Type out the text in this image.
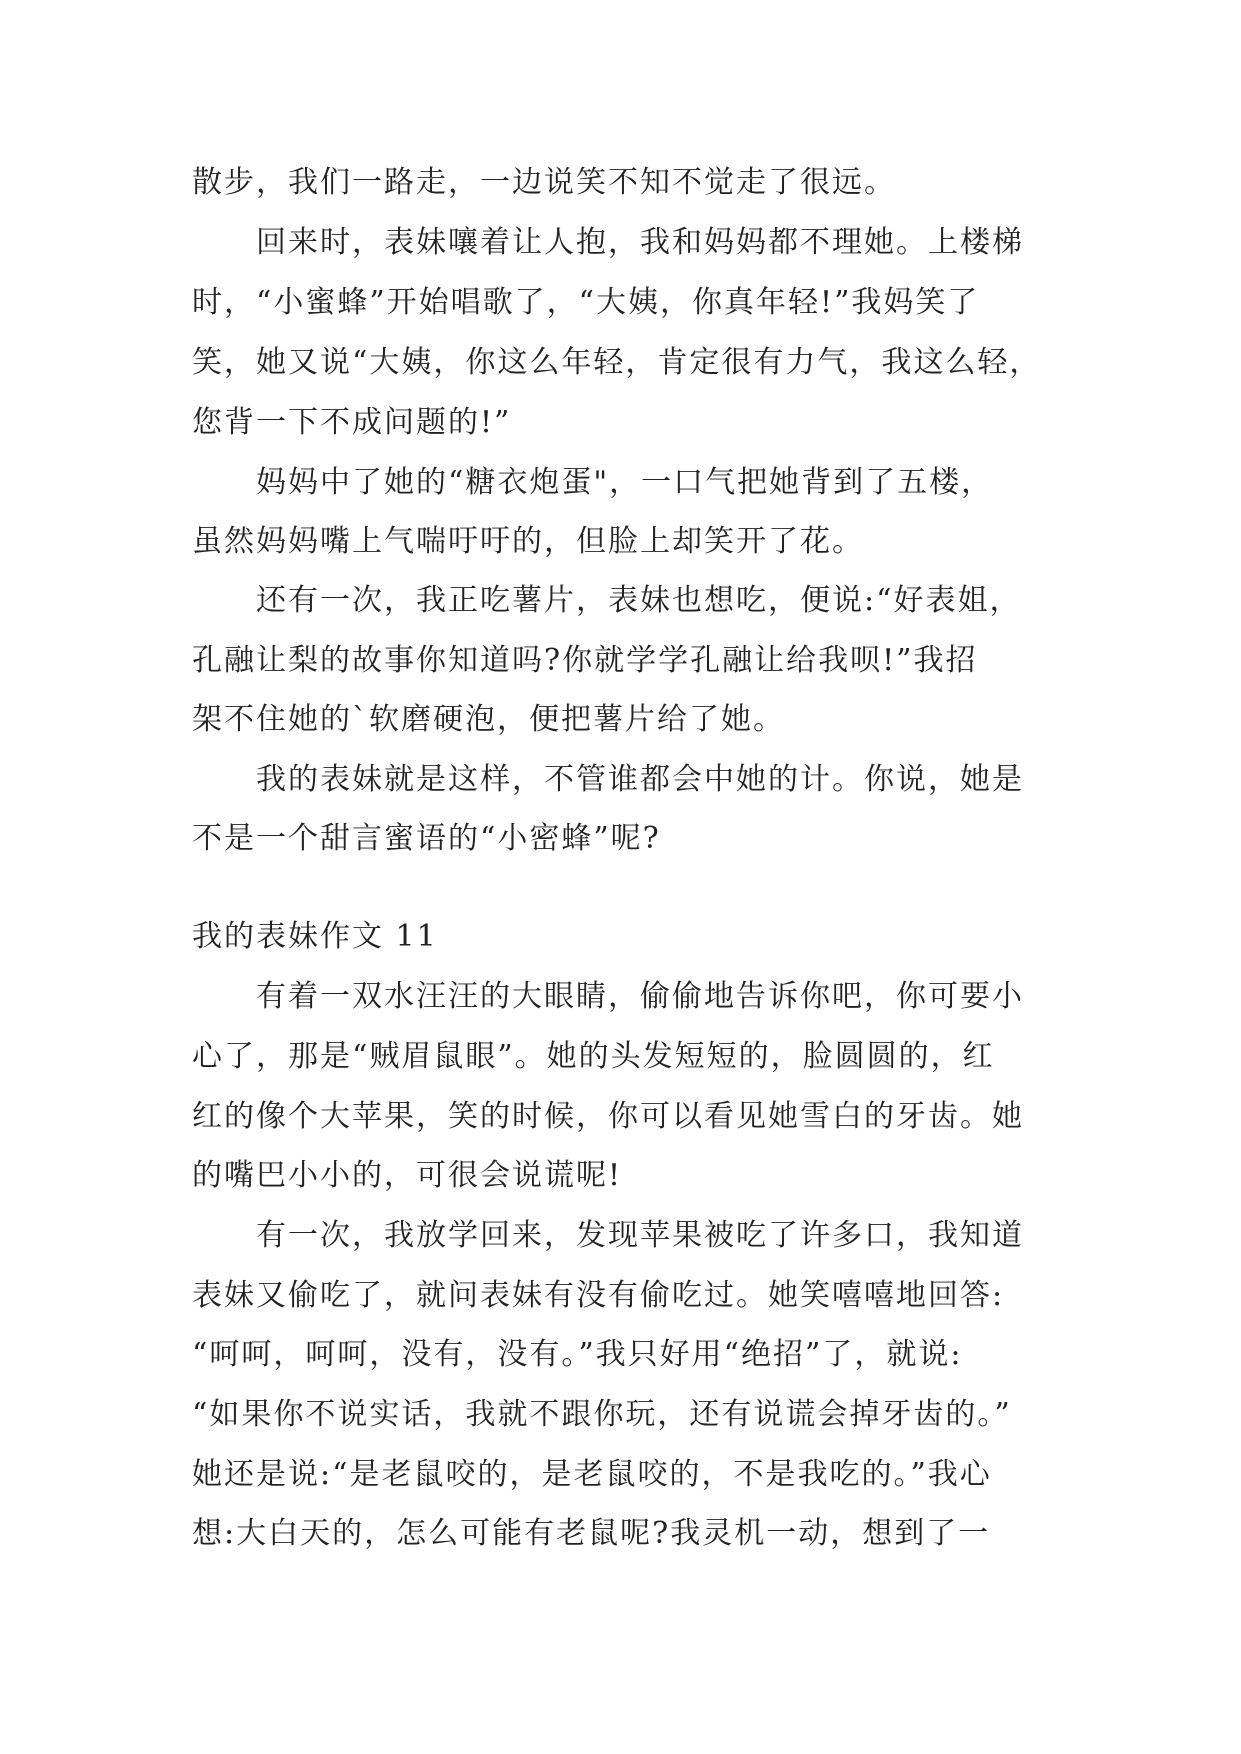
散步，我们一路走，一边说笑不知不觉走了很远。
回来时，表妹嚷着让人抱，我和妈妈都不理她。上楼梯
时，“小蜜蜂”开始唱歌了，“大姨，你真年轻!”我妈笑了
笑，她又说“大姨，你这么年轻，肯定很有力气，我这么轻，
您背一下不成问题的!”
妈妈中了她的“糖衣炮蛋"，一口气把她背到了五楼，
虽然妈妈嘴上气喘吁吁的，但脸上却笑开了花。
还有一次，我正吃薯片，表妹也想吃，便说:“好表姐，
孔融让梨的故事你知道吗?你就学学孔融让给我呗!”我招
架不住她的`软磨硬泡，便把薯片给了她。
我的表妹就是这样，不管谁都会中她的计。你说，她是
不是一个甜言蜜语的“小密蜂”呢?
我的表妹作文 11
有着一双水汪汪的大眼睛，偷偷地告诉你吧，你可要小
心了，那是“贼眉鼠眼”。她的头发短短的，脸圆圆的，红
红的像个大苹果，笑的时候，你可以看见她雪白的牙齿。她
的嘴巴小小的，可很会说谎呢!
有一次，我放学回来，发现苹果被吃了许多口，我知道
表妹又偷吃了，就问表妹有没有偷吃过。她笑嘻嘻地回答:
“呵呵，呵呵，没有，没有。”我只好用“绝招”了，就说:
“如果你不说实话，我就不跟你玩，还有说谎会掉牙齿的。”
她还是说:“是老鼠咬的，是老鼠咬的，不是我吃的。”我心
想:大白天的，怎么可能有老鼠呢?我灵机一动，想到了一
